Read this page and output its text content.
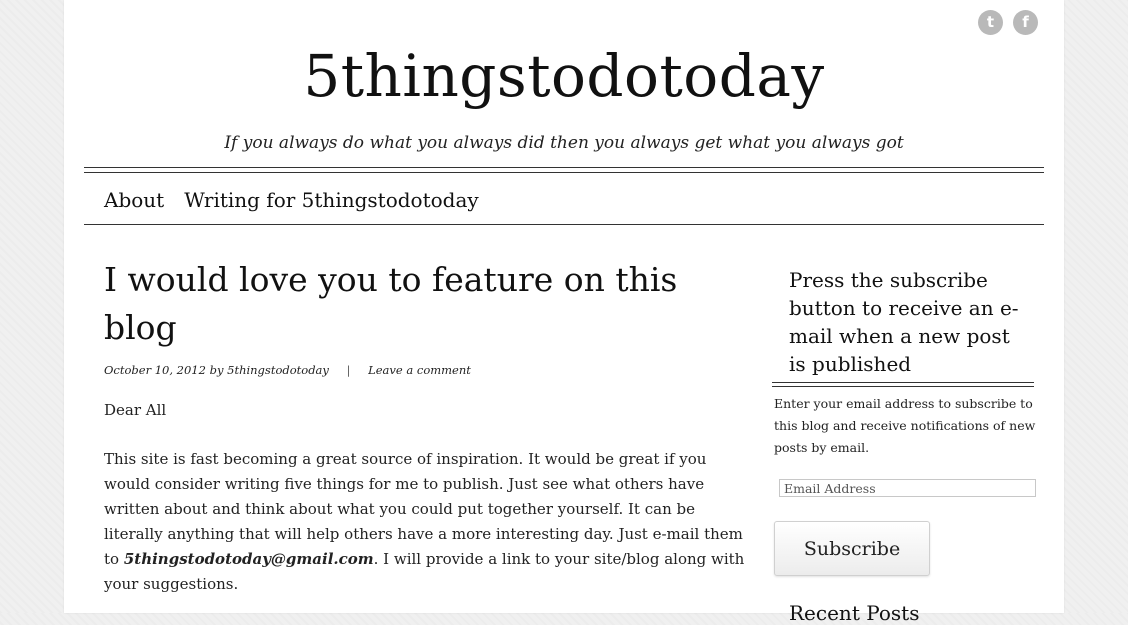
t	f
5thingstodotoday

If you always do what you always did then you always get what you always got

About Writing for 5thingstodotoday
I would love you to feature on this blog
October 10, 2012 by 5thingstodotoday | Leave a comment

Dear All

This site is fast becoming a great source of inspiration. It would be great if you would consider writing five things for me to publish. Just see what others have written about and think about what you could put together yourself. It can be literally anything that will help others have a more interesting day. Just e-mail them to 5thingstodotoday@gmail.com. I will provide a link to your site/blog along with your suggestions.

Press the subscribe button to receive an e-mail when a new post is published
Enter your email address to subscribe to this blog and receive notifications of new posts by email.
Email Address
Subscribe
Recent Posts
